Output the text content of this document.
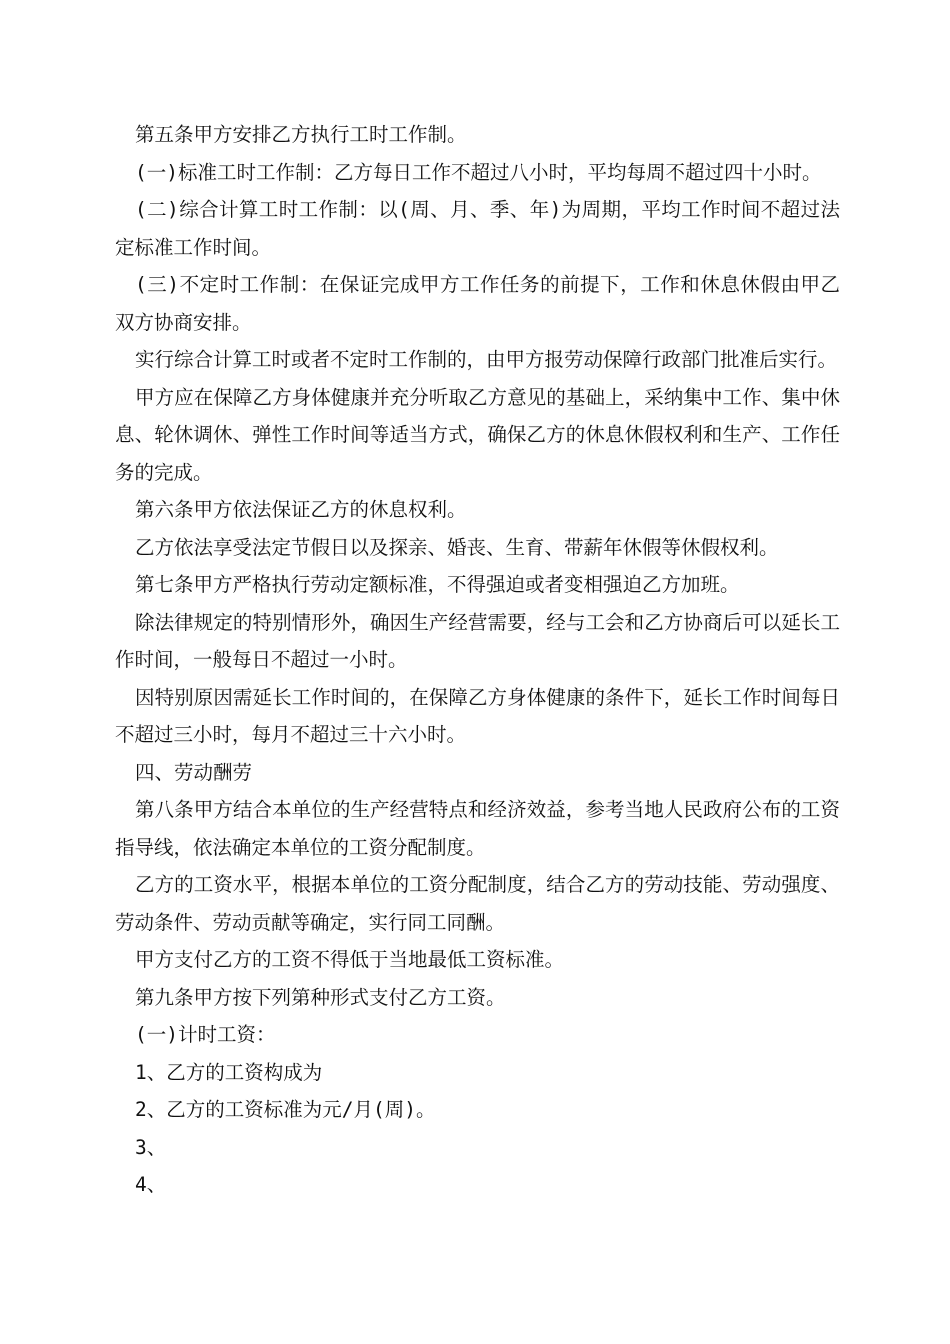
第五条甲方安排乙方执行工时工作制。

(一)标准工时工作制：乙方每日工作不超过八小时，平均每周不超过四十小时。

(二)综合计算工时工作制：以(周、月、季、年)为周期，平均工作时间不超过法定标准工作时间。

(三)不定时工作制：在保证完成甲方工作任务的前提下，工作和休息休假由甲乙双方协商安排。

实行综合计算工时或者不定时工作制的，由甲方报劳动保障行政部门批准后实行。

甲方应在保障乙方身体健康并充分听取乙方意见的基础上，采纳集中工作、集中休息、轮休调休、弹性工作时间等适当方式，确保乙方的休息休假权利和生产、工作任务的完成。

第六条甲方依法保证乙方的休息权利。

乙方依法享受法定节假日以及探亲、婚丧、生育、带薪年休假等休假权利。

第七条甲方严格执行劳动定额标准，不得强迫或者变相强迫乙方加班。

除法律规定的特别情形外，确因生产经营需要，经与工会和乙方协商后可以延长工作时间，一般每日不超过一小时。

因特别原因需延长工作时间的，在保障乙方身体健康的条件下，延长工作时间每日不超过三小时，每月不超过三十六小时。

四、劳动酬劳

第八条甲方结合本单位的生产经营特点和经济效益，参考当地人民政府公布的工资指导线，依法确定本单位的工资分配制度。

乙方的工资水平，根据本单位的工资分配制度，结合乙方的劳动技能、劳动强度、劳动条件、劳动贡献等确定，实行同工同酬。

甲方支付乙方的工资不得低于当地最低工资标准。

第九条甲方按下列第种形式支付乙方工资。

(一)计时工资：

1、乙方的工资构成为

2、乙方的工资标准为元/月(周)。

3、

4、
